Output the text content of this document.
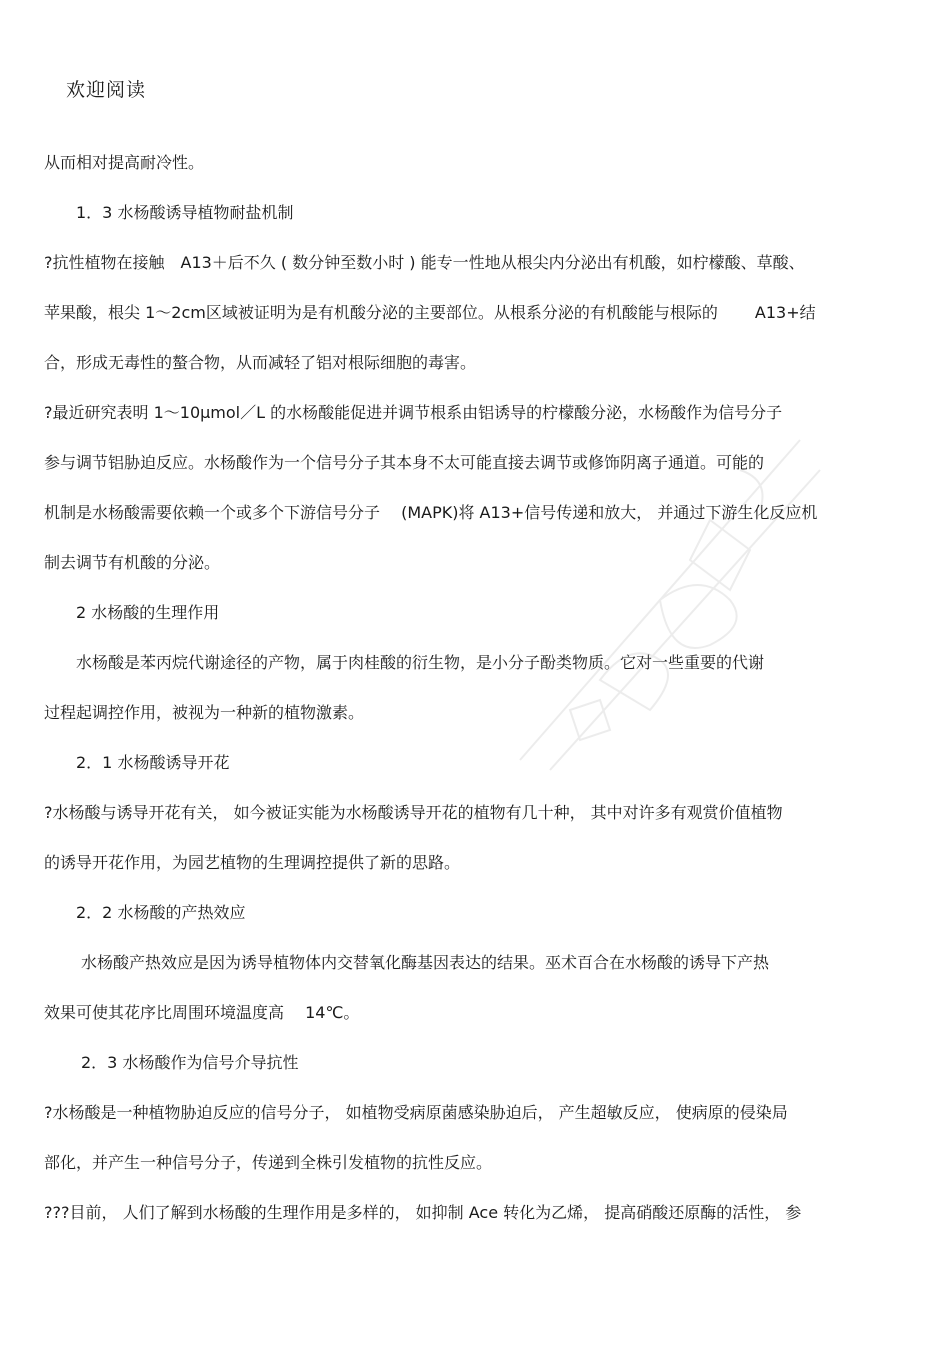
欢迎阅读
从而相对提高耐冷性。
1．3 水杨酸诱导植物耐盐机制
?抗性植物在接触　A13＋后不久 ( 数分钟至数小时 ) 能专一性地从根尖内分泌出有机酸，如柠檬酸、草酸、
苹果酸，根尖 1～2cm区域被证明为是有机酸分泌的主要部位。从根系分泌的有机酸能与根际的　　 A13+结
合，形成无毒性的螯合物，从而减轻了铝对根际细胞的毒害。
?最近研究表明 1～10μmol／L 的水杨酸能促进并调节根系由铝诱导的柠檬酸分泌，水杨酸作为信号分子
参与调节铝胁迫反应。水杨酸作为一个信号分子其本身不太可能直接去调节或修饰阴离子通道。可能的
机制是水杨酸需要依赖一个或多个下游信号分子　 (MAPK)将 A13+信号传递和放大， 并通过下游生化反应机
制去调节有机酸的分泌。
2 水杨酸的生理作用
水杨酸是苯丙烷代谢途径的产物，属于肉桂酸的衍生物，是小分子酚类物质。它对一些重要的代谢
过程起调控作用，被视为一种新的植物激素。
2．1 水杨酸诱导开花
?水杨酸与诱导开花有关， 如今被证实能为水杨酸诱导开花的植物有几十种， 其中对许多有观赏价值植物
的诱导开花作用，为园艺植物的生理调控提供了新的思路。
2．2 水杨酸的产热效应
水杨酸产热效应是因为诱导植物体内交替氧化酶基因表达的结果。巫术百合在水杨酸的诱导下产热
效果可使其花序比周围环境温度高　 14℃。
2．3 水杨酸作为信号介导抗性
?水杨酸是一种植物胁迫反应的信号分子， 如植物受病原菌感染胁迫后， 产生超敏反应， 使病原的侵染局
部化，并产生一种信号分子，传递到全株引发植物的抗性反应。
???目前， 人们了解到水杨酸的生理作用是多样的， 如抑制 Ace 转化为乙烯， 提高硝酸还原酶的活性， 参
